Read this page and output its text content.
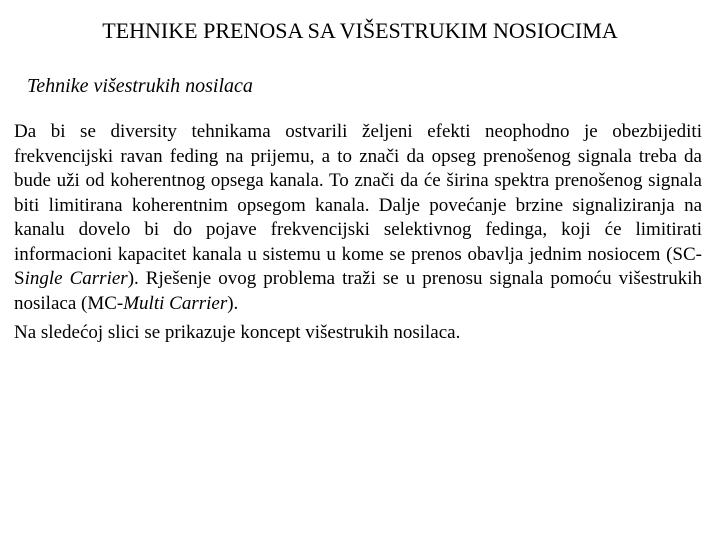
TEHNIKE PRENOSA SA VIŠESTRUKIM NOSIOCIMA
Tehnike višestrukih nosilaca

Da bi se diversity tehnikama ostvarili željeni efekti neophodno je obezbijediti frekvencijski ravan feding na prijemu, a to znači da opseg prenošenog signala treba da bude uži od koherentnog opsega kanala. To znači da će širina spektra prenošenog signala biti limitirana koherentnim opsegom kanala. Dalje povećanje brzine signaliziranja na kanalu dovelo bi do pojave frekvencijski selektivnog fedinga, koji će limitirati informacioni kapacitet kanala u sistemu u kome se prenos obavlja jednim nosiocem (SC- Single Carrier). Rješenje ovog problema traži se u prenosu signala pomoću višestrukih nosilaca (MC-Multi Carrier).

Na sledećoj slici se prikazuje koncept višestrukih nosilaca.
